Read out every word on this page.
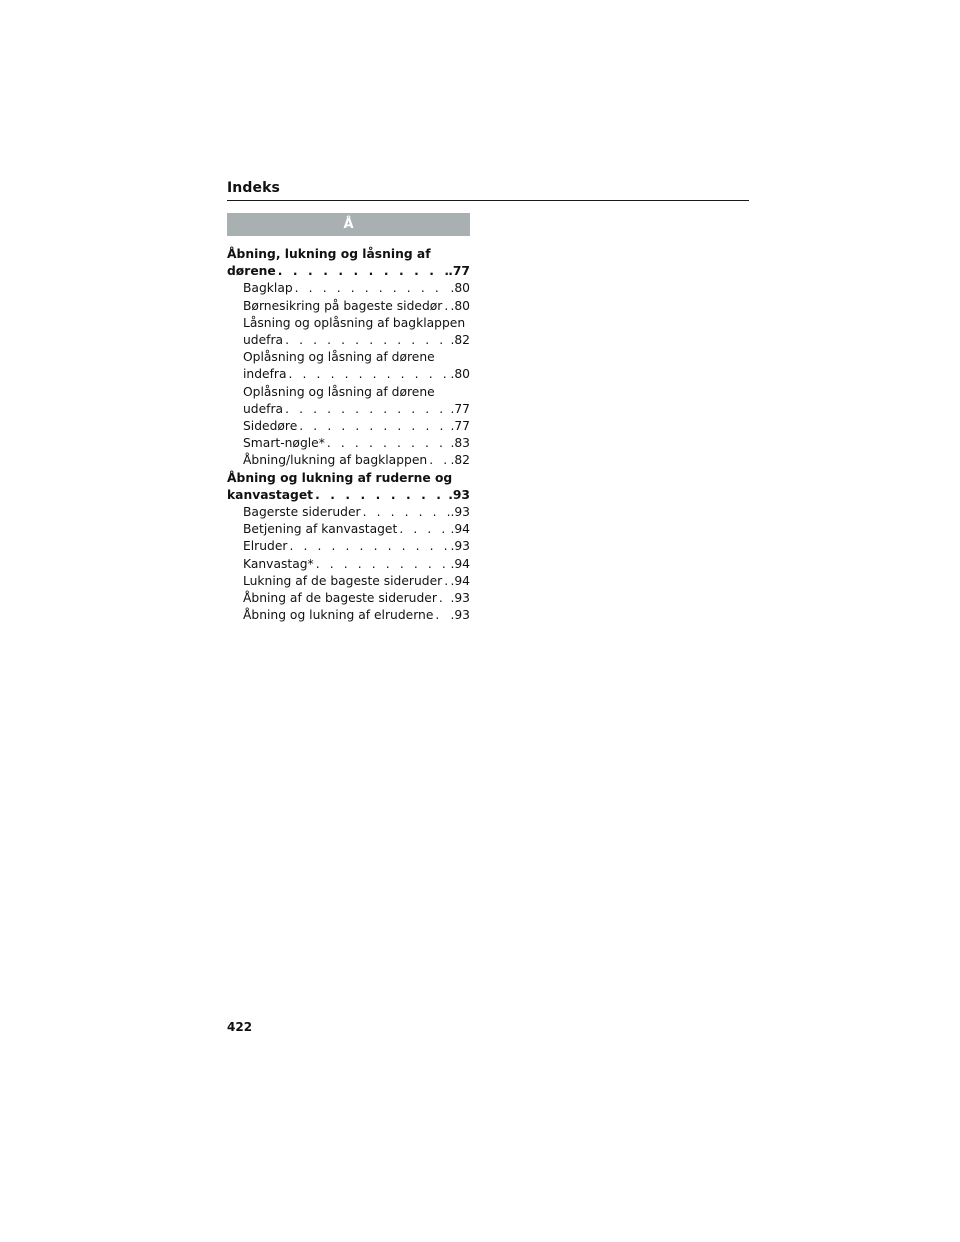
Indeks
Å
Åbning, lukning og låsning af
dørene . . .	.77
Bagklap . . .	.80
Børnesikring på bageste sidedør . . . .80
Låsning og oplåsning af bagklappen
udefra . . .	.82
Oplåsning og låsning af dørene
indefra . . .	.80
Oplåsning og låsning af dørene
udefra . . .	.77
Sidedøre . . .	.77
Smart-nøgle* . . .	.83
Åbning/lukning af bagklappen . . . .82
Åbning og lukning af ruderne og
kanvastaget . . .	.93
Bagerste sideruder . . .	.93
Betjening af kanvastaget . . .	.94
Elruder . . .	.93
Kanvastag* . . .	.94
Lukning af de bageste sideruder . . . .94
Åbning af de bageste sideruder . . . .93
Åbning og lukning af elruderne . . . .93
422
